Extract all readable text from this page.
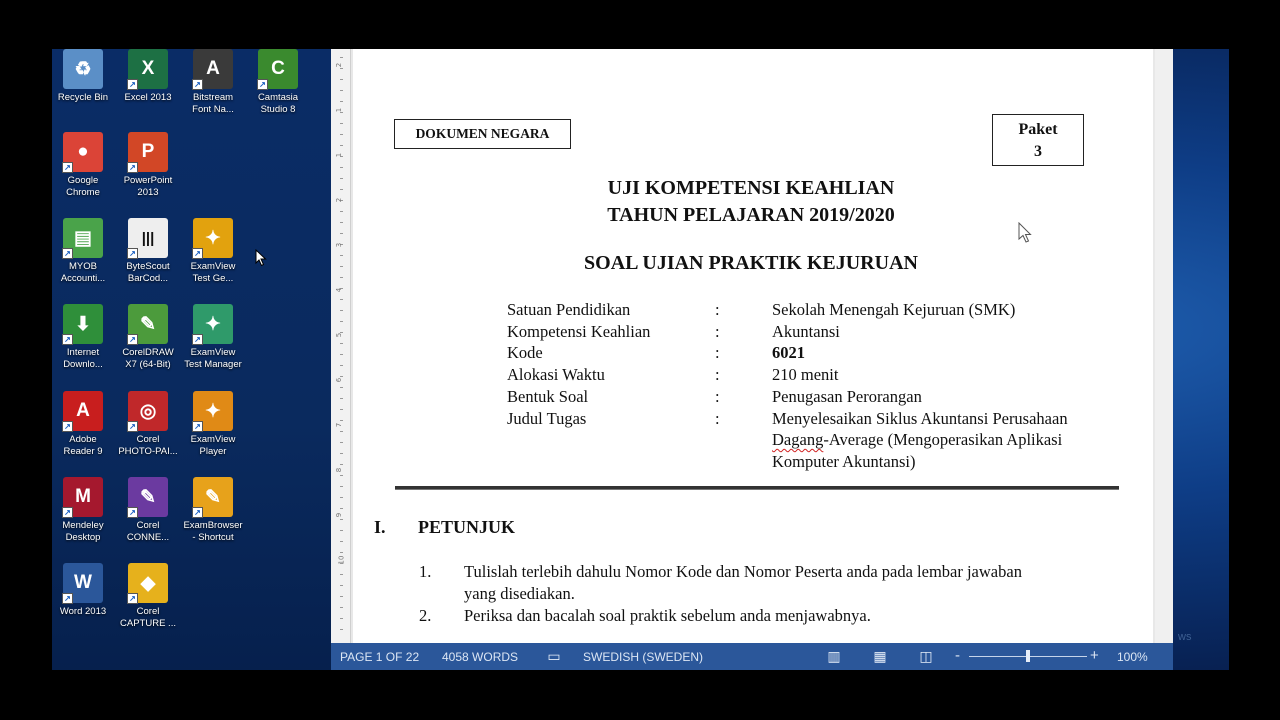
♻
Recycle Bin
X
↗
Excel 2013
A
↗
Bitstream
Font Na...
C
↗
Camtasia
Studio 8
●
↗
Google
Chrome
P
↗
PowerPoint
2013
▤
↗
MYOB
Accounti...
|||
↗
ByteScout
BarCod...
✦
↗
ExamView
Test Ge...
⬇
↗
Internet
Downlo...
✎
↗
CorelDRAW
X7 (64-Bit)
✦
↗
ExamView
Test Manager
A
↗
Adobe
Reader 9
◎
↗
Corel
PHOTO-PAI...
✦
↗
ExamView
Player
M
↗
Mendeley
Desktop
✎
↗
Corel
CONNE...
✎
↗
ExamBrowser
- Shortcut
W
↗
Word 2013
◆
↗
Corel
CAPTURE ...
2
1
1
2
3
4
5
6
7
8
9
10
DOKUMEN NEGARA	Paket
3
UJI KOMPETENSI KEAHLIAN
TAHUN PELAJARAN 2019/2020
SOAL UJIAN PRAKTIK KEJURUAN
Satuan Pendidikan	:	Sekolah Menengah Kejuruan (SMK)
Kompetensi Keahlian	:	Akuntansi
Kode	:	6021
Alokasi Waktu	:	210 menit
Bentuk Soal	:	Penugasan Perorangan
Judul Tugas	:	Menyelesaikan Siklus Akuntansi Perusahaan
Dagang-Average (Mengoperasikan Aplikasi
Komputer Akuntansi)
I. PETUNJUK
1.	Tulislah terlebih dahulu Nomor Kode dan Nomor Peserta anda pada lembar jawaban
yang disediakan.
2.	Periksa dan bacalah soal praktik sebelum anda menjawabnya.
PAGE 1 OF 22 4058 WORDS ▭ SWEDISH (SWEDEN)	▥ ▦ ◫ -	+ 100%
ws
